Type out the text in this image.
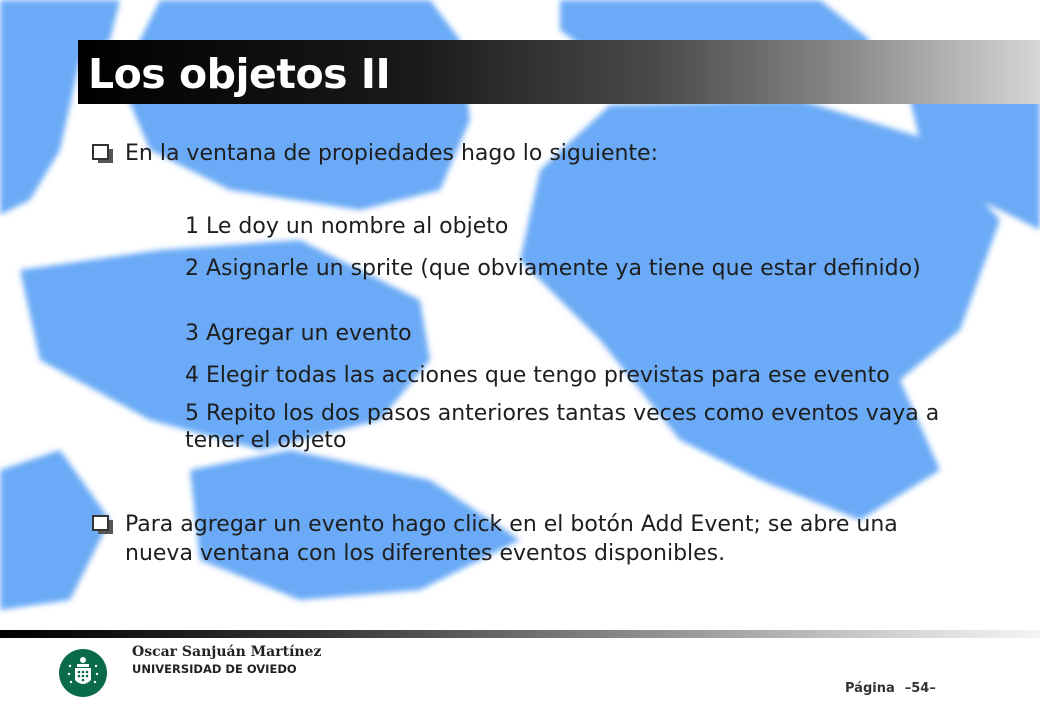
Los objetos II
En la ventana de propiedades hago lo siguiente:
1 Le doy un nombre al objeto
2 Asignarle un sprite (que obviamente ya tiene que estar definido)
3 Agregar un evento
4 Elegir todas las acciones que tengo previstas para ese evento
5 Repito los dos pasos anteriores tantas veces como eventos vaya a tener el objeto
Para agregar un evento hago click en el botón Add Event; se abre una nueva ventana con los diferentes eventos disponibles.
Oscar Sanjuán Martínez
UNIVERSIDAD DE OVIEDO
Página –54–
